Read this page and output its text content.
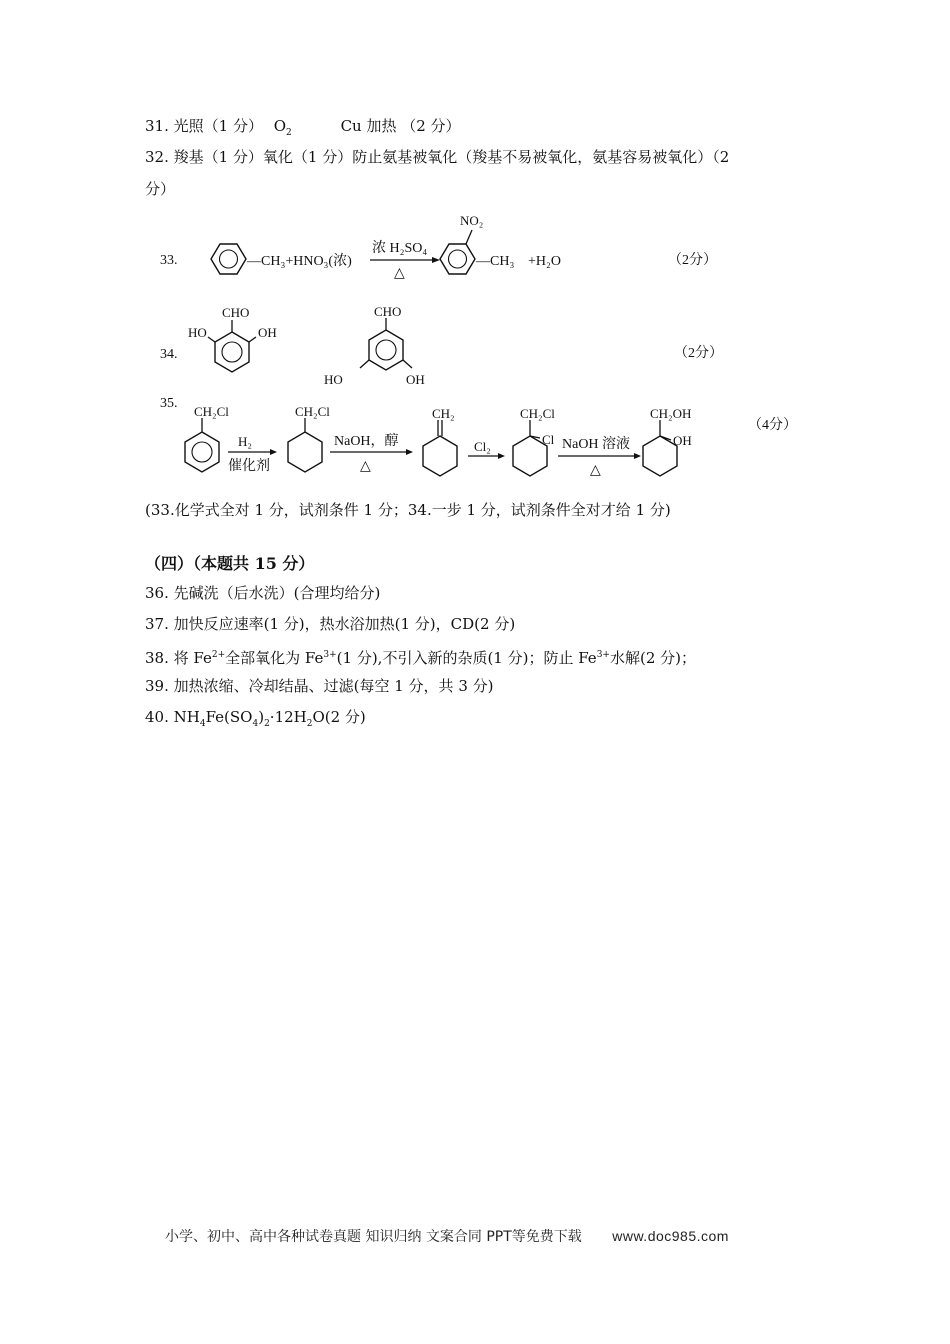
31. 光照（1 分） $O_2$	Cu 加热 （2 分）
32. 羧基（1 分）氧化（1 分）防止氨基被氧化（羧基不易被氧化，氨基容易被氧化）（2
分）
33.	—CH₃+HNO₃(浓)
浓 H₂SO₄
△
NO₂
—CH₃ +H₂O	（2分）
34.
CHO
HO	OH
CHO
HO	OH
（2分）
35.
CH₂Cl
H₂
催化剂
CH₂Cl
NaOH，醇
△
CH₂
Cl₂
CH₂Cl
Cl NaOH 溶液
△
CH₂OH
OH
（4分）
(33.化学式全对 1 分，试剂条件 1 分；34.一步 1 分，试剂条件全对才给 1 分)
（四）（本题共 15 分）
36. 先碱洗（后水洗）(合理均给分)
37. 加快反应速率(1 分)，热水浴加热(1 分)，CD(2 分)
38. 将 $Fe^{2+}$全部氧化为 $Fe^{3+}(1$ 分),不引入新的杂质(1 分)；防止 $Fe^{3+}$水解(2 分)；
39. 加热浓缩、冷却结晶、过滤(每空 1 分，共 3 分)
40. $NH_4Fe(SO_4)_2\cdot 12H_2O(2$ 分)
小学、初中、高中各种试卷真题 知识归纳 文案合同 PPT等免费下载 www.doc985.com
